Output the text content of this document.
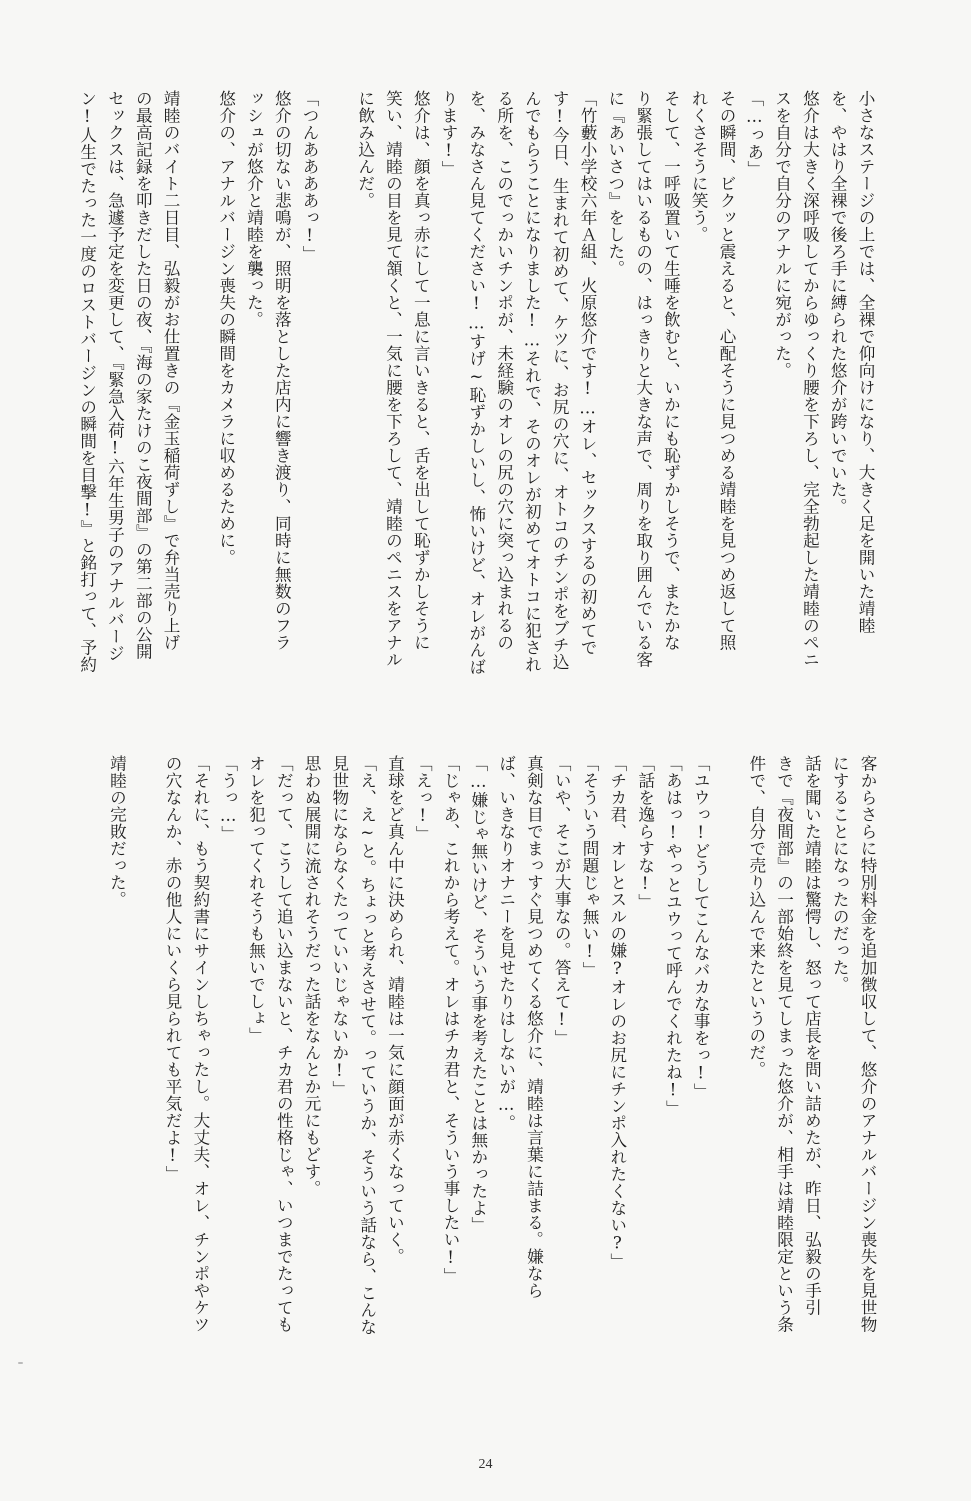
小さなステージの上では、全裸で仰向けになり、大きく足を開いた靖睦

を、やはり全裸で後ろ手に縛られた悠介が跨いでいた。

悠介は大きく深呼吸してからゆっくり腰を下ろし、完全勃起した靖睦のペニ

スを自分で自分のアナルに宛がった。

「…っあ」

その瞬間、ビクッと震えると、心配そうに見つめる靖睦を見つめ返して照

れくさそうに笑う。

そして、一呼吸置いて生唾を飲むと、いかにも恥ずかしそうで、またかな

り緊張してはいるものの、はっきりと大きな声で、周りを取り囲んでいる客

に『あいさつ』をした。

「竹藪小学校六年Ａ組、火原悠介です!…オレ、セックスするの初めてで

す!今日、生まれて初めて、ケツに、お尻の穴に、オトコのチンポをブチ込

んでもらうことになりました!…それで、そのオレが初めてオトコに犯され

る所を、このでっかいチンポが、未経験のオレの尻の穴に突っ込まれるの

を、みなさん見てください!…すげ~恥ずかしいし、怖いけど、オレがんば

ります!」

悠介は、顔を真っ赤にして一息に言いきると、舌を出して恥ずかしそうに

笑い、靖睦の目を見て頷くと、一気に腰を下ろして、靖睦のペニスをアナル

に飲み込んだ。

「つんああああっ!」

悠介の切ない悲鳴が、照明を落とした店内に響き渡り、同時に無数のフラ

ッシュが悠介と靖睦を襲った。

悠介の、アナルバージン喪失の瞬間をカメラに収めるために。

靖睦のバイト二日目、弘毅がお仕置きの『金玉稲荷ずし』で弁当売り上げ

の最高記録を叩きだした日の夜、『海の家たけのこ夜間部』の第二部の公開

セックスは、急遽予定を変更して、『緊急入荷!六年生男子のアナルバージ

ン!人生でたった一度のロストバージンの瞬間を目撃!』と銘打って、予約

客からさらに特別料金を追加徴収して、悠介のアナルバージン喪失を見世物

にすることになったのだった。

話を聞いた靖睦は驚愕し、怒って店長を問い詰めたが、昨日、弘毅の手引

きで『夜間部』の一部始終を見てしまった悠介が、相手は靖睦限定という条

件で、自分で売り込んで来たというのだ。

「ユウっ!どうしてこんなバカな事をっ!」

「あはっ!やっとユウって呼んでくれたね!」

「話を逸らすな!」

「チカ君、オレとスルの嫌?オレのお尻にチンポ入れたくない?」

「そういう問題じゃ無い!」

「いや、そこが大事なの。答えて!」

真剣な目でまっすぐ見つめてくる悠介に、靖睦は言葉に詰まる。嫌なら

ば、いきなりオナニーを見せたりはしないが…。

「…嫌じゃ無いけど、そういう事を考えたことは無かったよ」

「じゃあ、これから考えて。オレはチカ君と、そういう事したい!」

「えっ!」

直球をど真ん中に決められ、靖睦は一気に顔面が赤くなっていく。

「え、え~と。ちょっと考えさせて。っていうか、そういう話なら、こんな

見世物にならなくたっていいじゃないか!」

思わぬ展開に流されそうだった話をなんとか元にもどす。

「だって、こうして追い込まないと、チカ君の性格じゃ、いつまでたっても

オレを犯ってくれそうも無いでしょ」

「うっ…」

「それに、もう契約書にサインしちゃったし。大丈夫、オレ、チンポやケツ

の穴なんか、赤の他人にいくら見られても平気だよ!」

靖睦の完敗だった。

24
